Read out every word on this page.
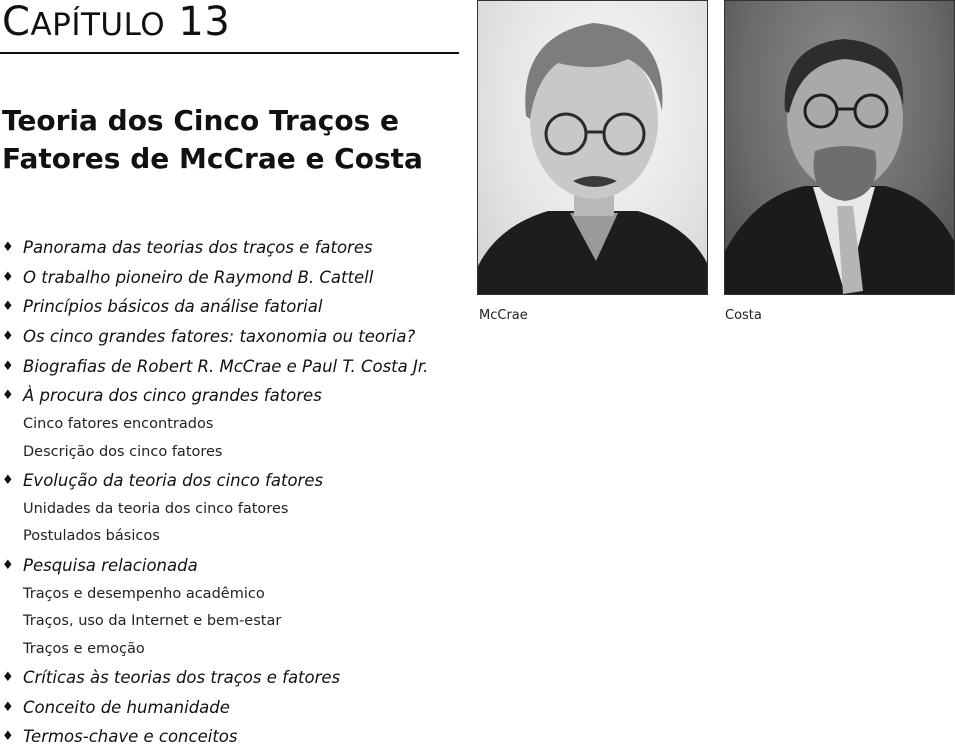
CAPÍTULO 13
Teoria dos Cinco Traços e
Fatores de McCrae e Costa
♦ Panorama das teorias dos traços e fatores
♦ O trabalho pioneiro de Raymond B. Cattell
♦ Princípios básicos da análise fatorial
♦ Os cinco grandes fatores: taxonomia ou teoria?
♦ Biografias de Robert R. McCrae e Paul T. Costa Jr.
♦ À procura dos cinco grandes fatores
Cinco fatores encontrados
Descrição dos cinco fatores
♦ Evolução da teoria dos cinco fatores
Unidades da teoria dos cinco fatores
Postulados básicos
♦ Pesquisa relacionada
Traços e desempenho acadêmico
Traços, uso da Internet e bem-estar
Traços e emoção
♦ Críticas às teorias dos traços e fatores
♦ Conceito de humanidade
♦ Termos-chave e conceitos
McCrae	Costa
